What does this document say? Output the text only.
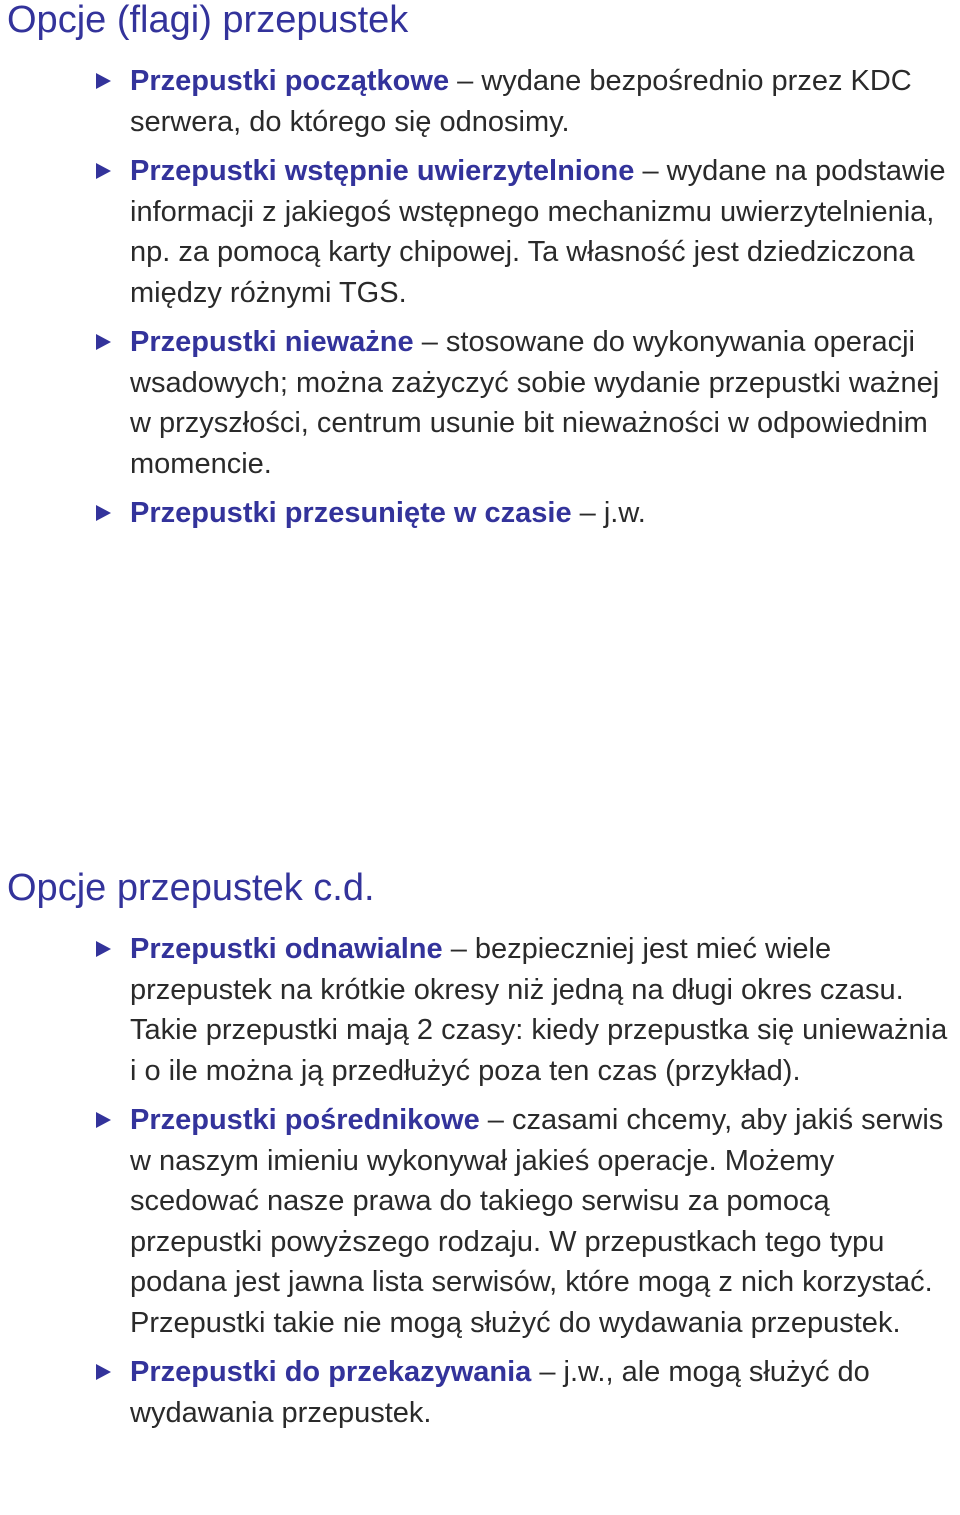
Opcje (flagi) przepustek
Przepustki początkowe – wydane bezpośrednio przez KDC serwera, do którego się odnosimy.
Przepustki wstępnie uwierzytelnione – wydane na podstawie informacji z jakiegoś wstępnego mechanizmu uwierzytelnienia, np. za pomocą karty chipowej. Ta własność jest dziedziczona między różnymi TGS.
Przepustki nieważne – stosowane do wykonywania operacji wsadowych; można zażyczyć sobie wydanie przepustki ważnej w przyszłości, centrum usunie bit nieważności w odpowiednim momencie.
Przepustki przesunięte w czasie – j.w.
Opcje przepustek c.d.
Przepustki odnawialne – bezpieczniej jest mieć wiele przepustek na krótkie okresy niż jedną na długi okres czasu. Takie przepustki mają 2 czasy: kiedy przepustka się unieważnia i o ile można ją przedłużyć poza ten czas (przykład).
Przepustki pośrednikowe – czasami chcemy, aby jakiś serwis w naszym imieniu wykonywał jakieś operacje. Możemy scedować nasze prawa do takiego serwisu za pomocą przepustki powyższego rodzaju. W przepustkach tego typu podana jest jawna lista serwisów, które mogą z nich korzystać. Przepustki takie nie mogą służyć do wydawania przepustek.
Przepustki do przekazywania – j.w., ale mogą służyć do wydawania przepustek.
